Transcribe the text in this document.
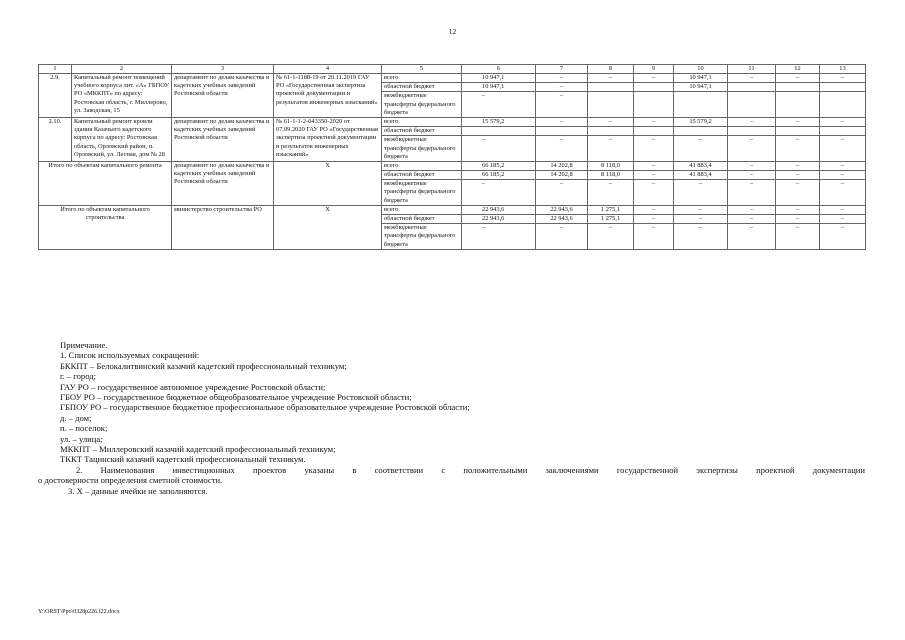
12
1	2	3	4	5	6	7	8	9	10	11	12	13
2.9.	Капитальный ремонт помещений учебного корпуса лит. «А» ГБПОУ РО «МККПТ» по адресу: Ростовская область, г. Миллерово, ул. Заводская, 15	департамент по делам казачества и кадетских учебных заведений Ростовской области	№ 61-1-1188-19 от 20.11.2019 ГАУ РО «Государственная экспертиза проектной документации и результатов инженерных изысканий»	всего	10 947,1	–	–	–	10 947,1	–	–	–
				областной бюджет	10 947,1	–			10 947,1			
				межбюджетные трансферты федерального бюджета	–	–						
2.10.	Капитальный ремонт кровли здания Казачьего кадетского корпуса по адресу: Ростовская область, Орловский район, п. Орловский, ул. Лесная, дом № 28	департамент по делам казачества и кадетских учебных заведений Ростовской области	№ 61-1-1-2-043350-2020 от 07.09.2020 ГАУ РО «Государственная экспертиза проектной документации и результатов инженерных изысканий»	всего	15 579,2	–	–	–	15 579,2	–	–	–
				областной бюджет								
				межбюджетные трансферты федерального бюджета	–	–	–	–	–	–	–	–
Итого по объектам капитального ремонта		департамент по делам казачества и кадетских учебных заведений Ростовской области	Х	всего	66 185,2	14 202,8	8 118,0	–	41 883,4	–	–	–
				областной бюджет	66 185,2	14 202,8	8 118,0	–	41 883,4	–	–	–
				межбюджетные трансферты федерального бюджета	–	–	–	–	–	–	–	–
Итого по объектам капитального строительства		министерство строительства РО	Х	всего	22 943,6	22 943,6	1 275,1	–	–	–	–	–
				областной бюджет	22 943,6	22 943,6	1 275,1	–	–	–	–	–
				межбюджетные трансферты федерального бюджета	–	–	–	–	–	–	–	–
Примечание.
1. Список используемых сокращений:
БККПТ – Белокалитвинский казачий кадетский профессиональный техникум;
г. – город;
ГАУ РО – государственное автономное учреждение Ростовской области;
ГБОУ РО – государственное бюджетное общеобразовательное учреждение Ростовской области;
ГБПОУ РО – государственное бюджетное профессиональное образовательное учреждение Ростовской области;
д. – дом;
п. – поселок;
ул. – улица;
МККПТ – Миллеровский казачий кадетский профессиональный техникум;
ТККТ Тацинский казачий кадетский профессиональный техникум.
2. Наименования инвестиционных проектов указаны в соответствии с положительными заключениями государственной экспертизы проектной документации
о достоверности определения сметной стоимости.
3. Х – данные ячейки не заполняются.
Y:\ORST\Ppo\0328p226.f22.docx
